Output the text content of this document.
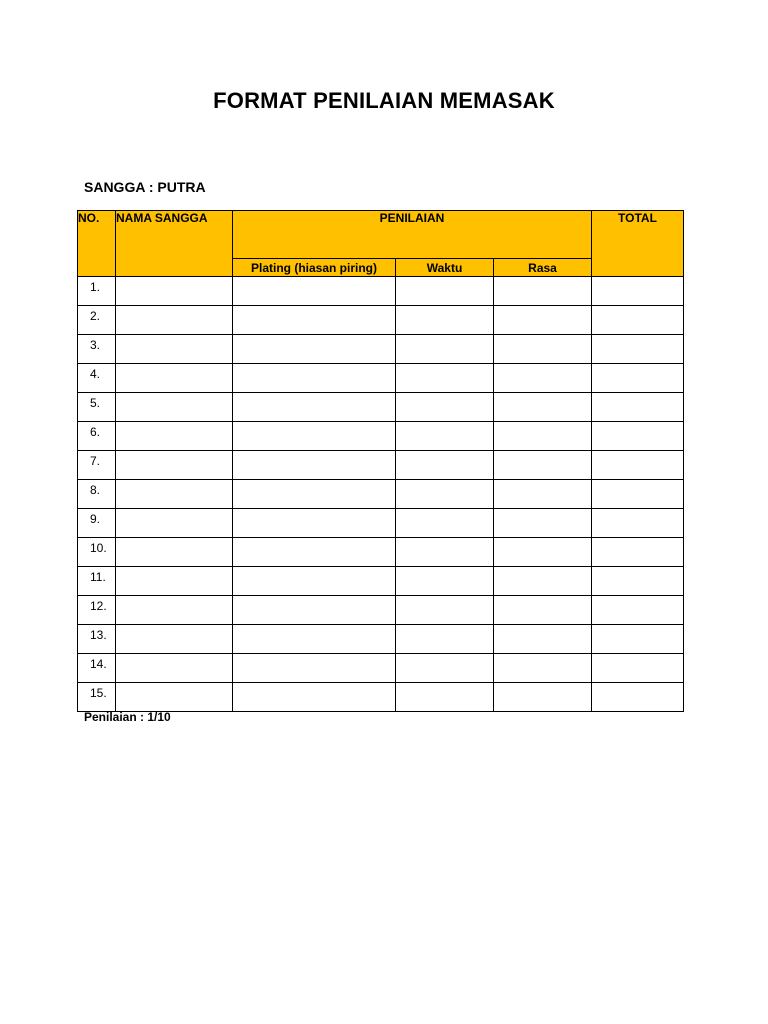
FORMAT PENILAIAN MEMASAK
SANGGA : PUTRA
NO.	NAMA SANGGA	PENILAIAN			TOTAL
		Plating (hiasan piring)	Waktu	Rasa	
1.					
2.					
3.					
4.					
5.					
6.					
7.					
8.					
9.					
10.					
11.					
12.					
13.					
14.					
15.					
Penilaian : 1/10
